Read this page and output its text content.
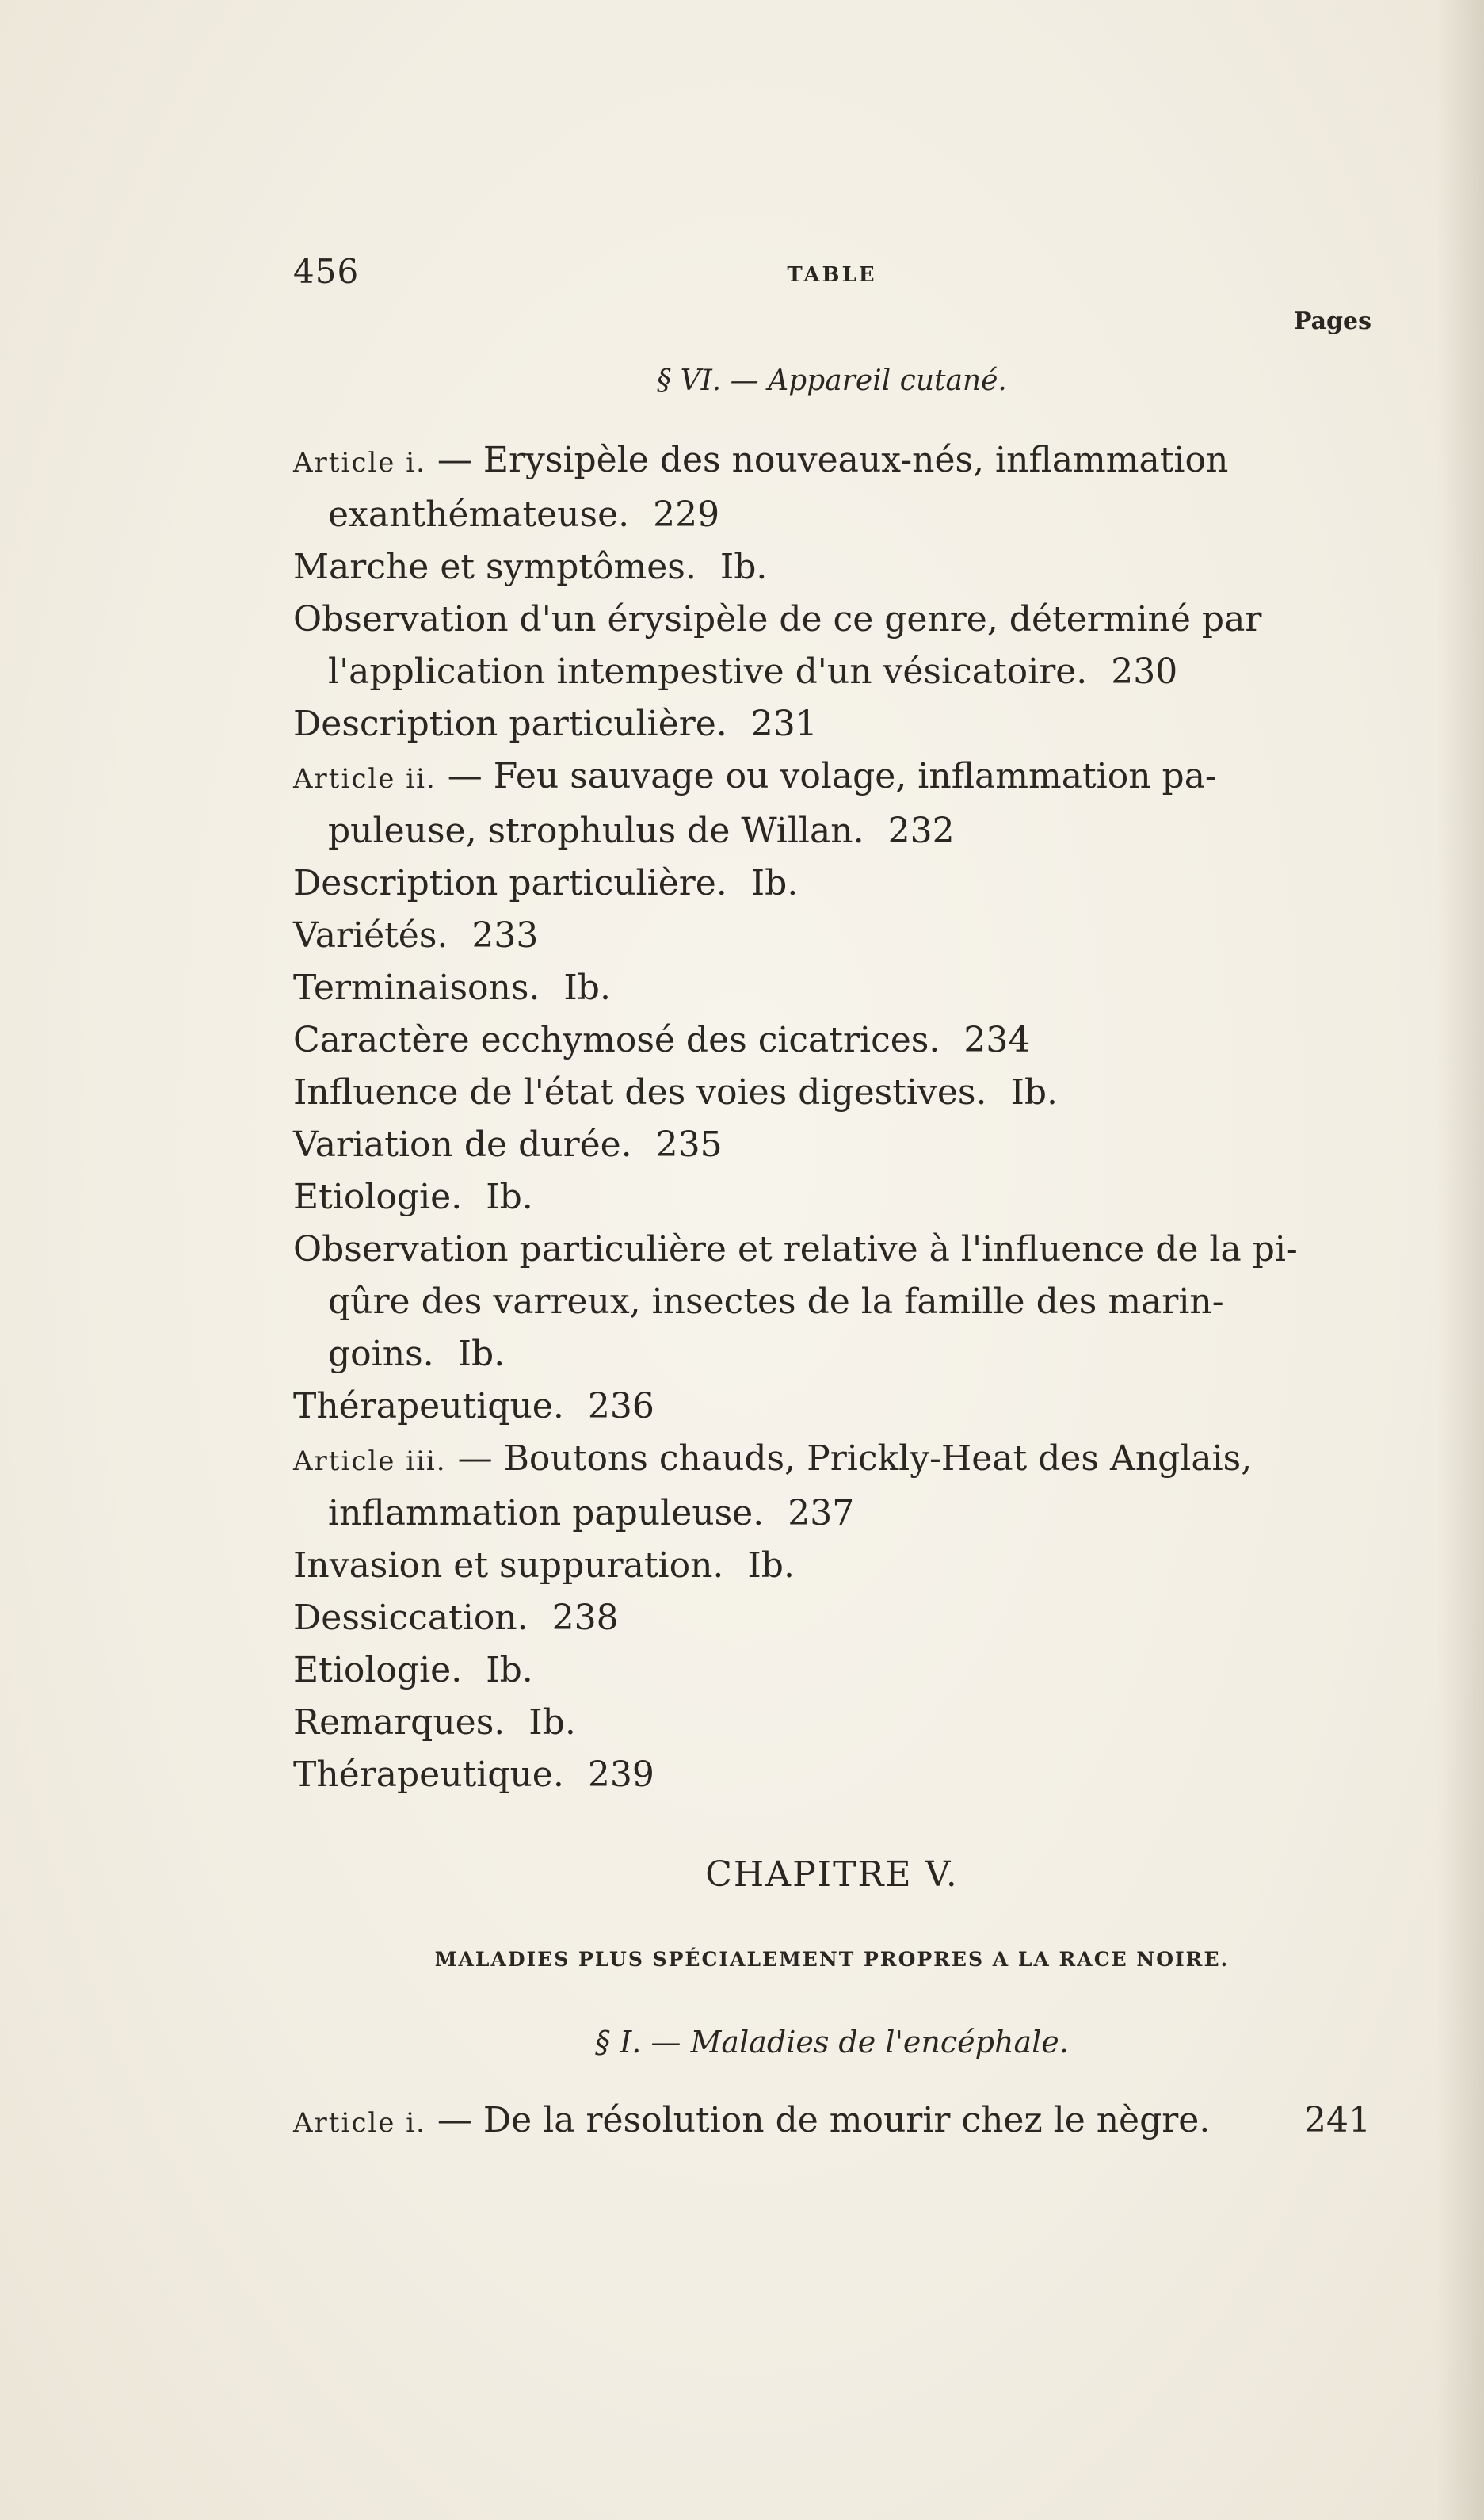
456	TABLE
Pages
§ VI. — Appareil cutané.
Article i. — Erysipèle des nouveaux-nés, inflammation
exanthémateuse. 229
Marche et symptômes. Ib.
Observation d'un érysipèle de ce genre, déterminé par
l'application intempestive d'un vésicatoire. 230
Description particulière. 231
Article ii. — Feu sauvage ou volage, inflammation pa-
puleuse, strophulus de Willan. 232
Description particulière. Ib.
Variétés. 233
Terminaisons. Ib.
Caractère ecchymosé des cicatrices. 234
Influence de l'état des voies digestives. Ib.
Variation de durée. 235
Etiologie. Ib.
Observation particulière et relative à l'influence de la pi-
qûre des varreux, insectes de la famille des marin-
goins. Ib.
Thérapeutique. 236
Article iii. — Boutons chauds, Prickly-Heat des Anglais,
inflammation papuleuse. 237
Invasion et suppuration. Ib.
Dessiccation. 238
Etiologie. Ib.
Remarques. Ib.
Thérapeutique. 239
CHAPITRE V.
MALADIES PLUS SPÉCIALEMENT PROPRES A LA RACE NOIRE.
§ I. — Maladies de l'encéphale.
Article i. — De la résolution de mourir chez le nègre.	241
